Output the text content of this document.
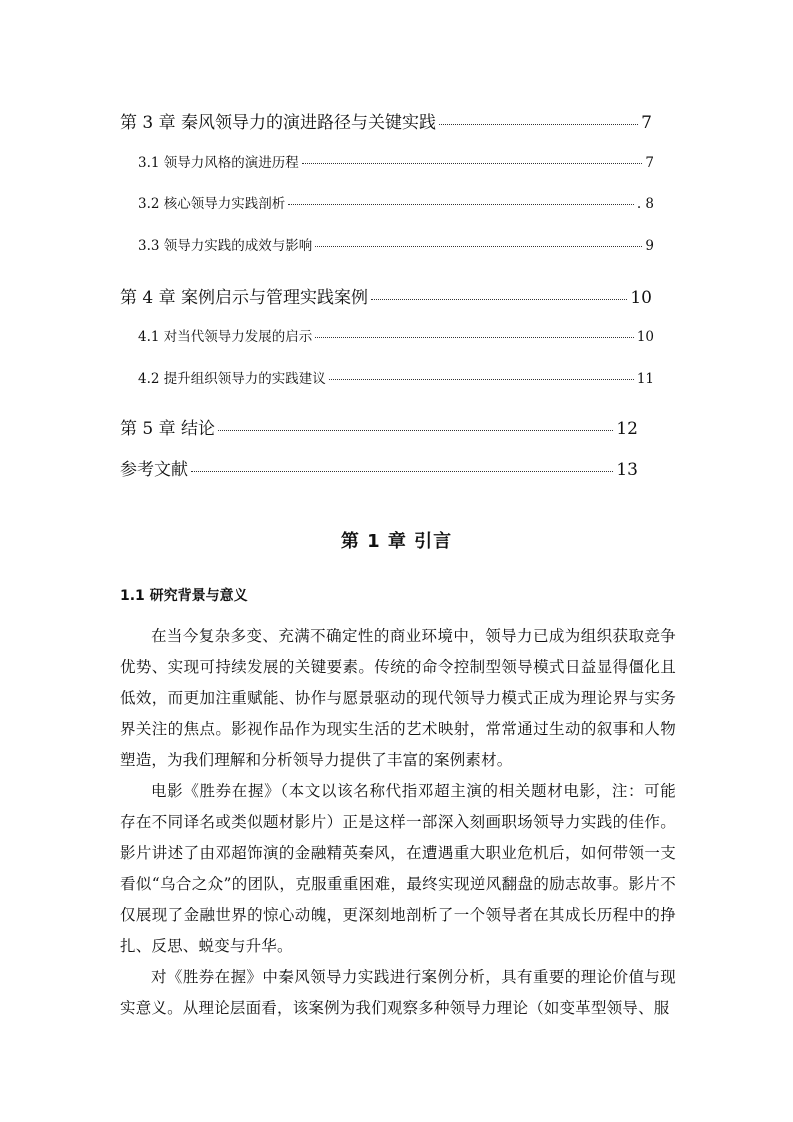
第 3 章 秦风领导力的演进路径与关键实践	7
3.1 领导力风格的演进历程	7
3.2 核心领导力实践剖析	. 8
3.3 领导力实践的成效与影响	9
第 4 章 案例启示与管理实践案例	10
4.1 对当代领导力发展的启示	10
4.2 提升组织领导力的实践建议	11
第 5 章 结论	12
参考文献	13
第 1 章 引言
1.1 研究背景与意义

在当今复杂多变、充满不确定性的商业环境中，领导力已成为组织获取竞争优势、实现可持续发展的关键要素。传统的命令控制型领导模式日益显得僵化且低效，而更加注重赋能、协作与愿景驱动的现代领导力模式正成为理论界与实务界关注的焦点。影视作品作为现实生活的艺术映射，常常通过生动的叙事和人物塑造，为我们理解和分析领导力提供了丰富的案例素材。

电影《胜券在握》（本文以该名称代指邓超主演的相关题材电影，注：可能存在不同译名或类似题材影片）正是这样一部深入刻画职场领导力实践的佳作。影片讲述了由邓超饰演的金融精英秦风，在遭遇重大职业危机后，如何带领一支看似“乌合之众”的团队，克服重重困难，最终实现逆风翻盘的励志故事。影片不仅展现了金融世界的惊心动魄，更深刻地剖析了一个领导者在其成长历程中的挣扎、反思、蜕变与升华。

对《胜券在握》中秦风领导力实践进行案例分析，具有重要的理论价值与现实意义。从理论层面看，该案例为我们观察多种领导力理论（如变革型领导、服
